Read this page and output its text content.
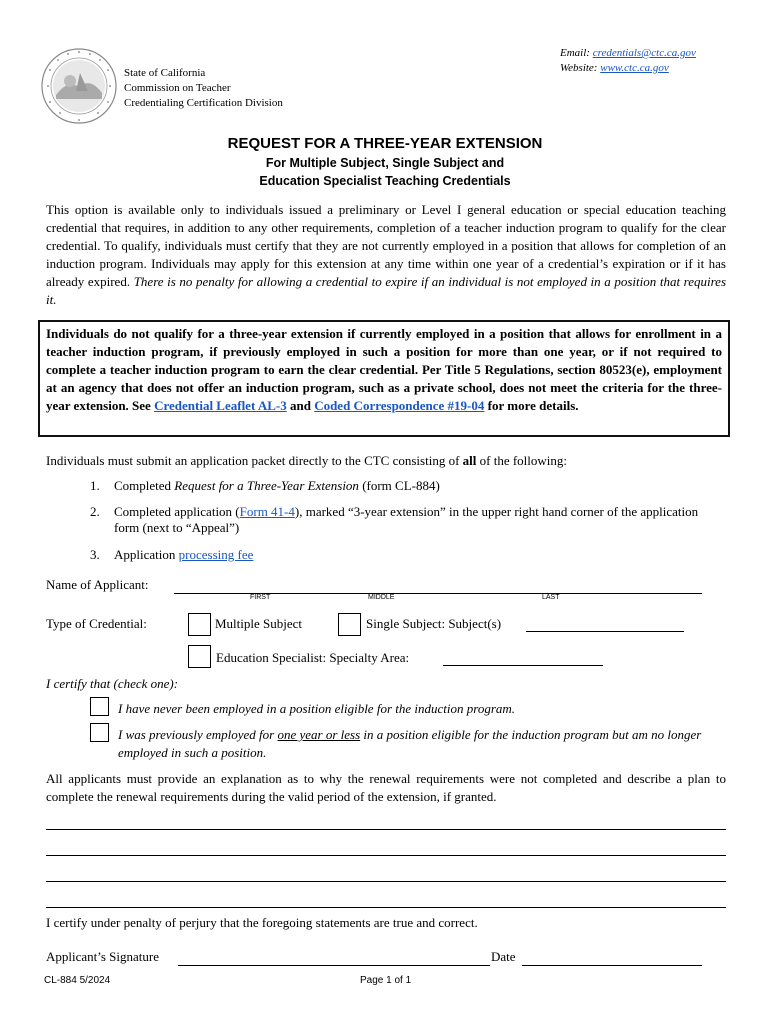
State of California
Commission on Teacher
Credentialing Certification Division
Email: credentials@ctc.ca.gov
Website: www.ctc.ca.gov
REQUEST FOR A THREE-YEAR EXTENSION
For Multiple Subject, Single Subject and
Education Specialist Teaching Credentials
This option is available only to individuals issued a preliminary or Level I general education or special education teaching credential that requires, in addition to any other requirements, completion of a teacher induction program to qualify for the clear credential. To qualify, individuals must certify that they are not currently employed in a position that allows for completion of an induction program. Individuals may apply for this extension at any time within one year of a credential’s expiration or if it has already expired. There is no penalty for allowing a credential to expire if an individual is not employed in a position that requires it.
Individuals do not qualify for a three-year extension if currently employed in a position that allows for enrollment in a teacher induction program, if previously employed in such a position for more than one year, or if not required to complete a teacher induction program to earn the clear credential. Per Title 5 Regulations, section 80523(e), employment at an agency that does not offer an induction program, such as a private school, does not meet the criteria for the three-year extension. See Credential Leaflet AL-3 and Coded Correspondence #19-04 for more details.
Individuals must submit an application packet directly to the CTC consisting of all of the following:
1. Completed Request for a Three-Year Extension (form CL-884)
2. Completed application (Form 41-4), marked “3-year extension” in the upper right hand corner of the application form (next to “Appeal”)
3. Application processing fee
Name of Applicant:
FIRST	MIDDLE	LAST
Type of Credential:	Multiple Subject	Single Subject: Subject(s)
Education Specialist: Specialty Area:
I certify that (check one):
I have never been employed in a position eligible for the induction program.
I was previously employed for one year or less in a position eligible for the induction program but am no longer employed in such a position.
All applicants must provide an explanation as to why the renewal requirements were not completed and describe a plan to complete the renewal requirements during the valid period of the extension, if granted.
I certify under penalty of perjury that the foregoing statements are true and correct.
Applicant’s Signature	Date
CL-884 5/2024	Page 1 of 1
